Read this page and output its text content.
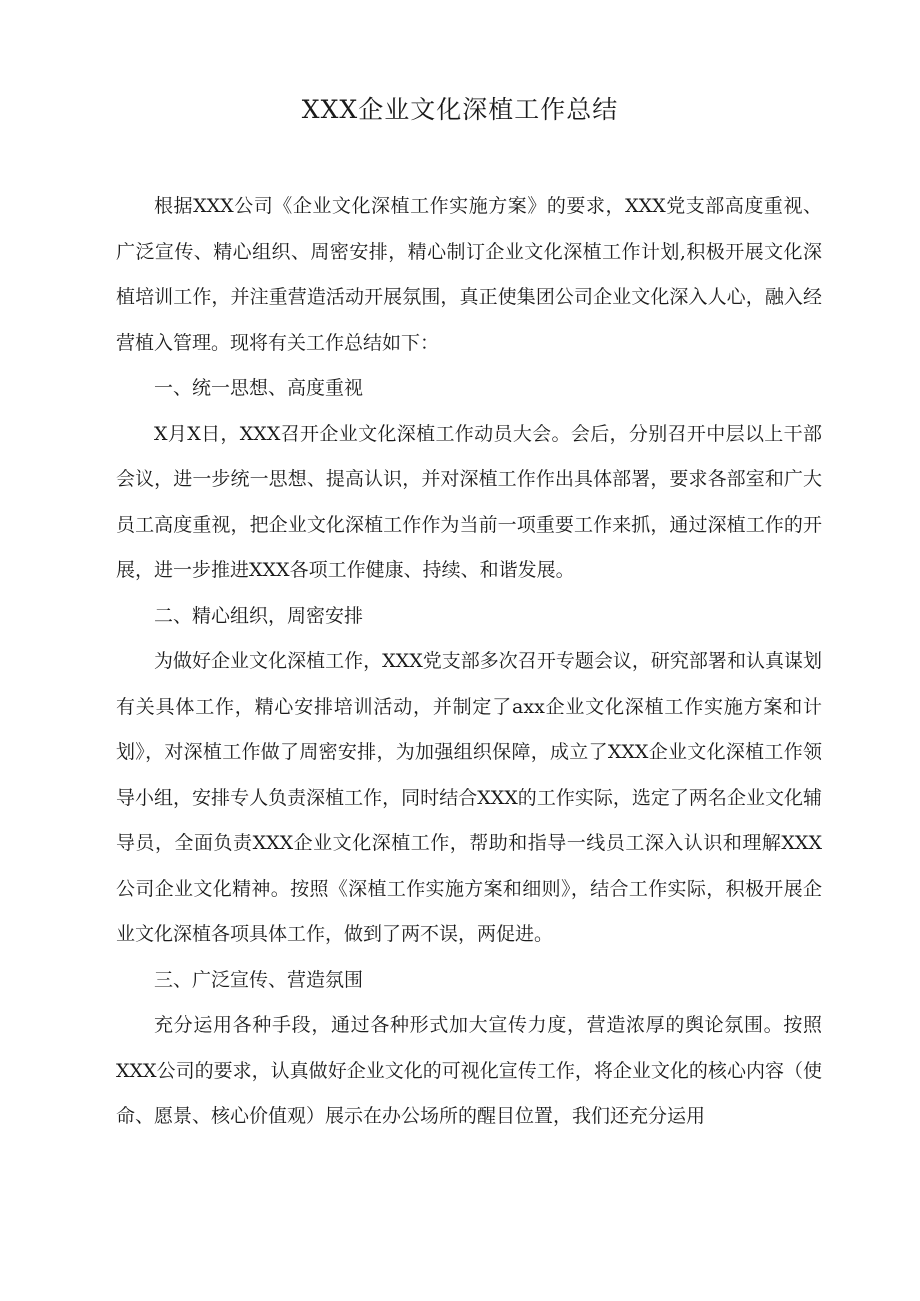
XXX企业文化深植工作总结

根据XXX公司《企业文化深植工作实施方案》的要求，XXX党支部高度重视、广泛宣传、精心组织、周密安排，精心制订企业文化深植工作计划,积极开展文化深植培训工作，并注重营造活动开展氛围，真正使集团公司企业文化深入人心，融入经营植入管理。现将有关工作总结如下：

一、统一思想、高度重视

X月X日，XXX召开企业文化深植工作动员大会。会后，分别召开中层以上干部会议，进一步统一思想、提高认识，并对深植工作作出具体部署，要求各部室和广大员工高度重视，把企业文化深植工作作为当前一项重要工作来抓，通过深植工作的开展，进一步推进XXX各项工作健康、持续、和谐发展。

二、精心组织，周密安排

为做好企业文化深植工作，XXX党支部多次召开专题会议，研究部署和认真谋划有关具体工作，精心安排培训活动，并制定了axx企业文化深植工作实施方案和计划》，对深植工作做了周密安排，为加强组织保障，成立了XXX企业文化深植工作领导小组，安排专人负责深植工作，同时结合XXX的工作实际，选定了两名企业文化辅导员，全面负责XXX企业文化深植工作，帮助和指导一线员工深入认识和理解XXX公司企业文化精神。按照《深植工作实施方案和细则》，结合工作实际，积极开展企业文化深植各项具体工作，做到了两不误，两促进。

三、广泛宣传、营造氛围

充分运用各种手段，通过各种形式加大宣传力度，营造浓厚的舆论氛围。按照XXX公司的要求，认真做好企业文化的可视化宣传工作，将企业文化的核心内容（使命、愿景、核心价值观）展示在办公场所的醒目位置，我们还充分运用
